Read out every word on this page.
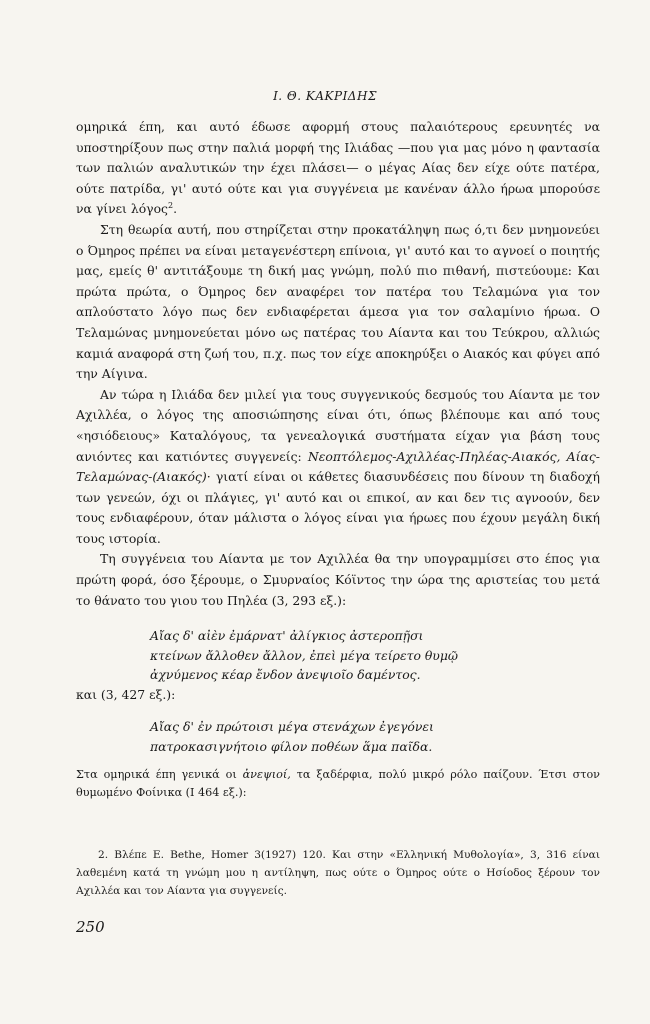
Ι. Θ. ΚΑΚΡΙΔΗΣ

ομηρικά έπη, και αυτό έδωσε αφορμή στους παλαιότερους ερευνητές να υποστηρίξουν πως στην παλιά μορφή της Ιλιάδας —που για μας μόνο η φαντασία των παλιών αναλυτικών την έχει πλάσει— ο μέγας Αίας δεν είχε ούτε πατέρα, ούτε πατρίδα, γι' αυτό ούτε και για συγγένεια με κανέναν άλλο ήρωα μπορούσε να γίνει λόγος$^2$.

Στη θεωρία αυτή, που στηρίζεται στην προκατάληψη πως ό,τι δεν μνημονεύει ο Όμηρος πρέπει να είναι μεταγενέστερη επίνοια, γι' αυτό και το αγνοεί ο ποιητής μας, εμείς θ' αντιτάξουμε τη δική μας γνώμη, πολύ πιο πιθανή, πιστεύουμε: Και πρώτα πρώτα, ο Όμηρος δεν αναφέρει τον πατέρα του Τελαμώνα για τον απλούστατο λόγο πως δεν ενδιαφέρεται άμεσα για τον σαλαμίνιο ήρωα. Ο Τελαμώνας μνημονεύεται μόνο ως πατέρας του Αίαντα και του Τεύκρου, αλλιώς καμιά αναφορά στη ζωή του, π.χ. πως τον είχε αποκηρύξει ο Αιακός και φύγει από την Αίγινα.

Αν τώρα η Ιλιάδα δεν μιλεί για τους συγγενικούς δεσμούς του Αίαντα με τον Αχιλλέα, ο λόγος της αποσιώπησης είναι ότι, όπως βλέπουμε και από τους «ησιόδειους» Καταλόγους, τα γενεαλογικά συστήματα είχαν για βάση τους ανιόντες και κατιόντες συγγενείς: Νεοπτόλεμος-Αχιλλέας-Πηλέας-Αιακός, Αίας-Τελαμώνας-(Αιακός)· γιατί είναι οι κάθετες διασυνδέσεις που δίνουν τη διαδοχή των γενεών, όχι οι πλάγιες, γι' αυτό και οι επικοί, αν και δεν τις αγνοούν, δεν τους ενδιαφέρουν, όταν μάλιστα ο λόγος είναι για ήρωες που έχουν μεγάλη δική τους ιστορία.

Τη συγγένεια του Αίαντα με τον Αχιλλέα θα την υπογραμμίσει στο έπος για πρώτη φορά, όσο ξέρουμε, ο Σμυρναίος Κόϊντος την ώρα της αριστείας του μετά το θάνατο του γιου του Πηλέα (3, 293 εξ.):

Αἴας δ' αἰὲν ἐμάρνατ' ἀλίγκιος ἀστεροπῇσι
κτείνων ἄλλοθεν ἄλλον, ἐπεὶ μέγα τείρετο θυμῷ
ἀχνύμενος κέαρ ἔνδον ἀνεψιοῖο δαμέντος.
και (3, 427 εξ.):
Αἴας δ' ἐν πρώτοισι μέγα στενάχων ἐγεγόνει
πατροκασιγνήτοιο φίλον ποθέων ἅμα παῖδα.
Στα ομηρικά έπη γενικά οι ἀνεψιοί, τα ξαδέρφια, πολύ μικρό ρόλο παίζουν. Έτσι στον θυμωμένο Φοίνικα (Ι 464 εξ.):

2. Βλέπε E. Bethe, Homer 3(1927) 120. Και στην «Ελληνική Μυθολογία», 3, 316 είναι λαθεμένη κατά τη γνώμη μου η αντίληψη, πως ούτε ο Όμηρος ούτε ο Ησίοδος ξέρουν τον Αχιλλέα και τον Αίαντα για συγγενείς.

250
